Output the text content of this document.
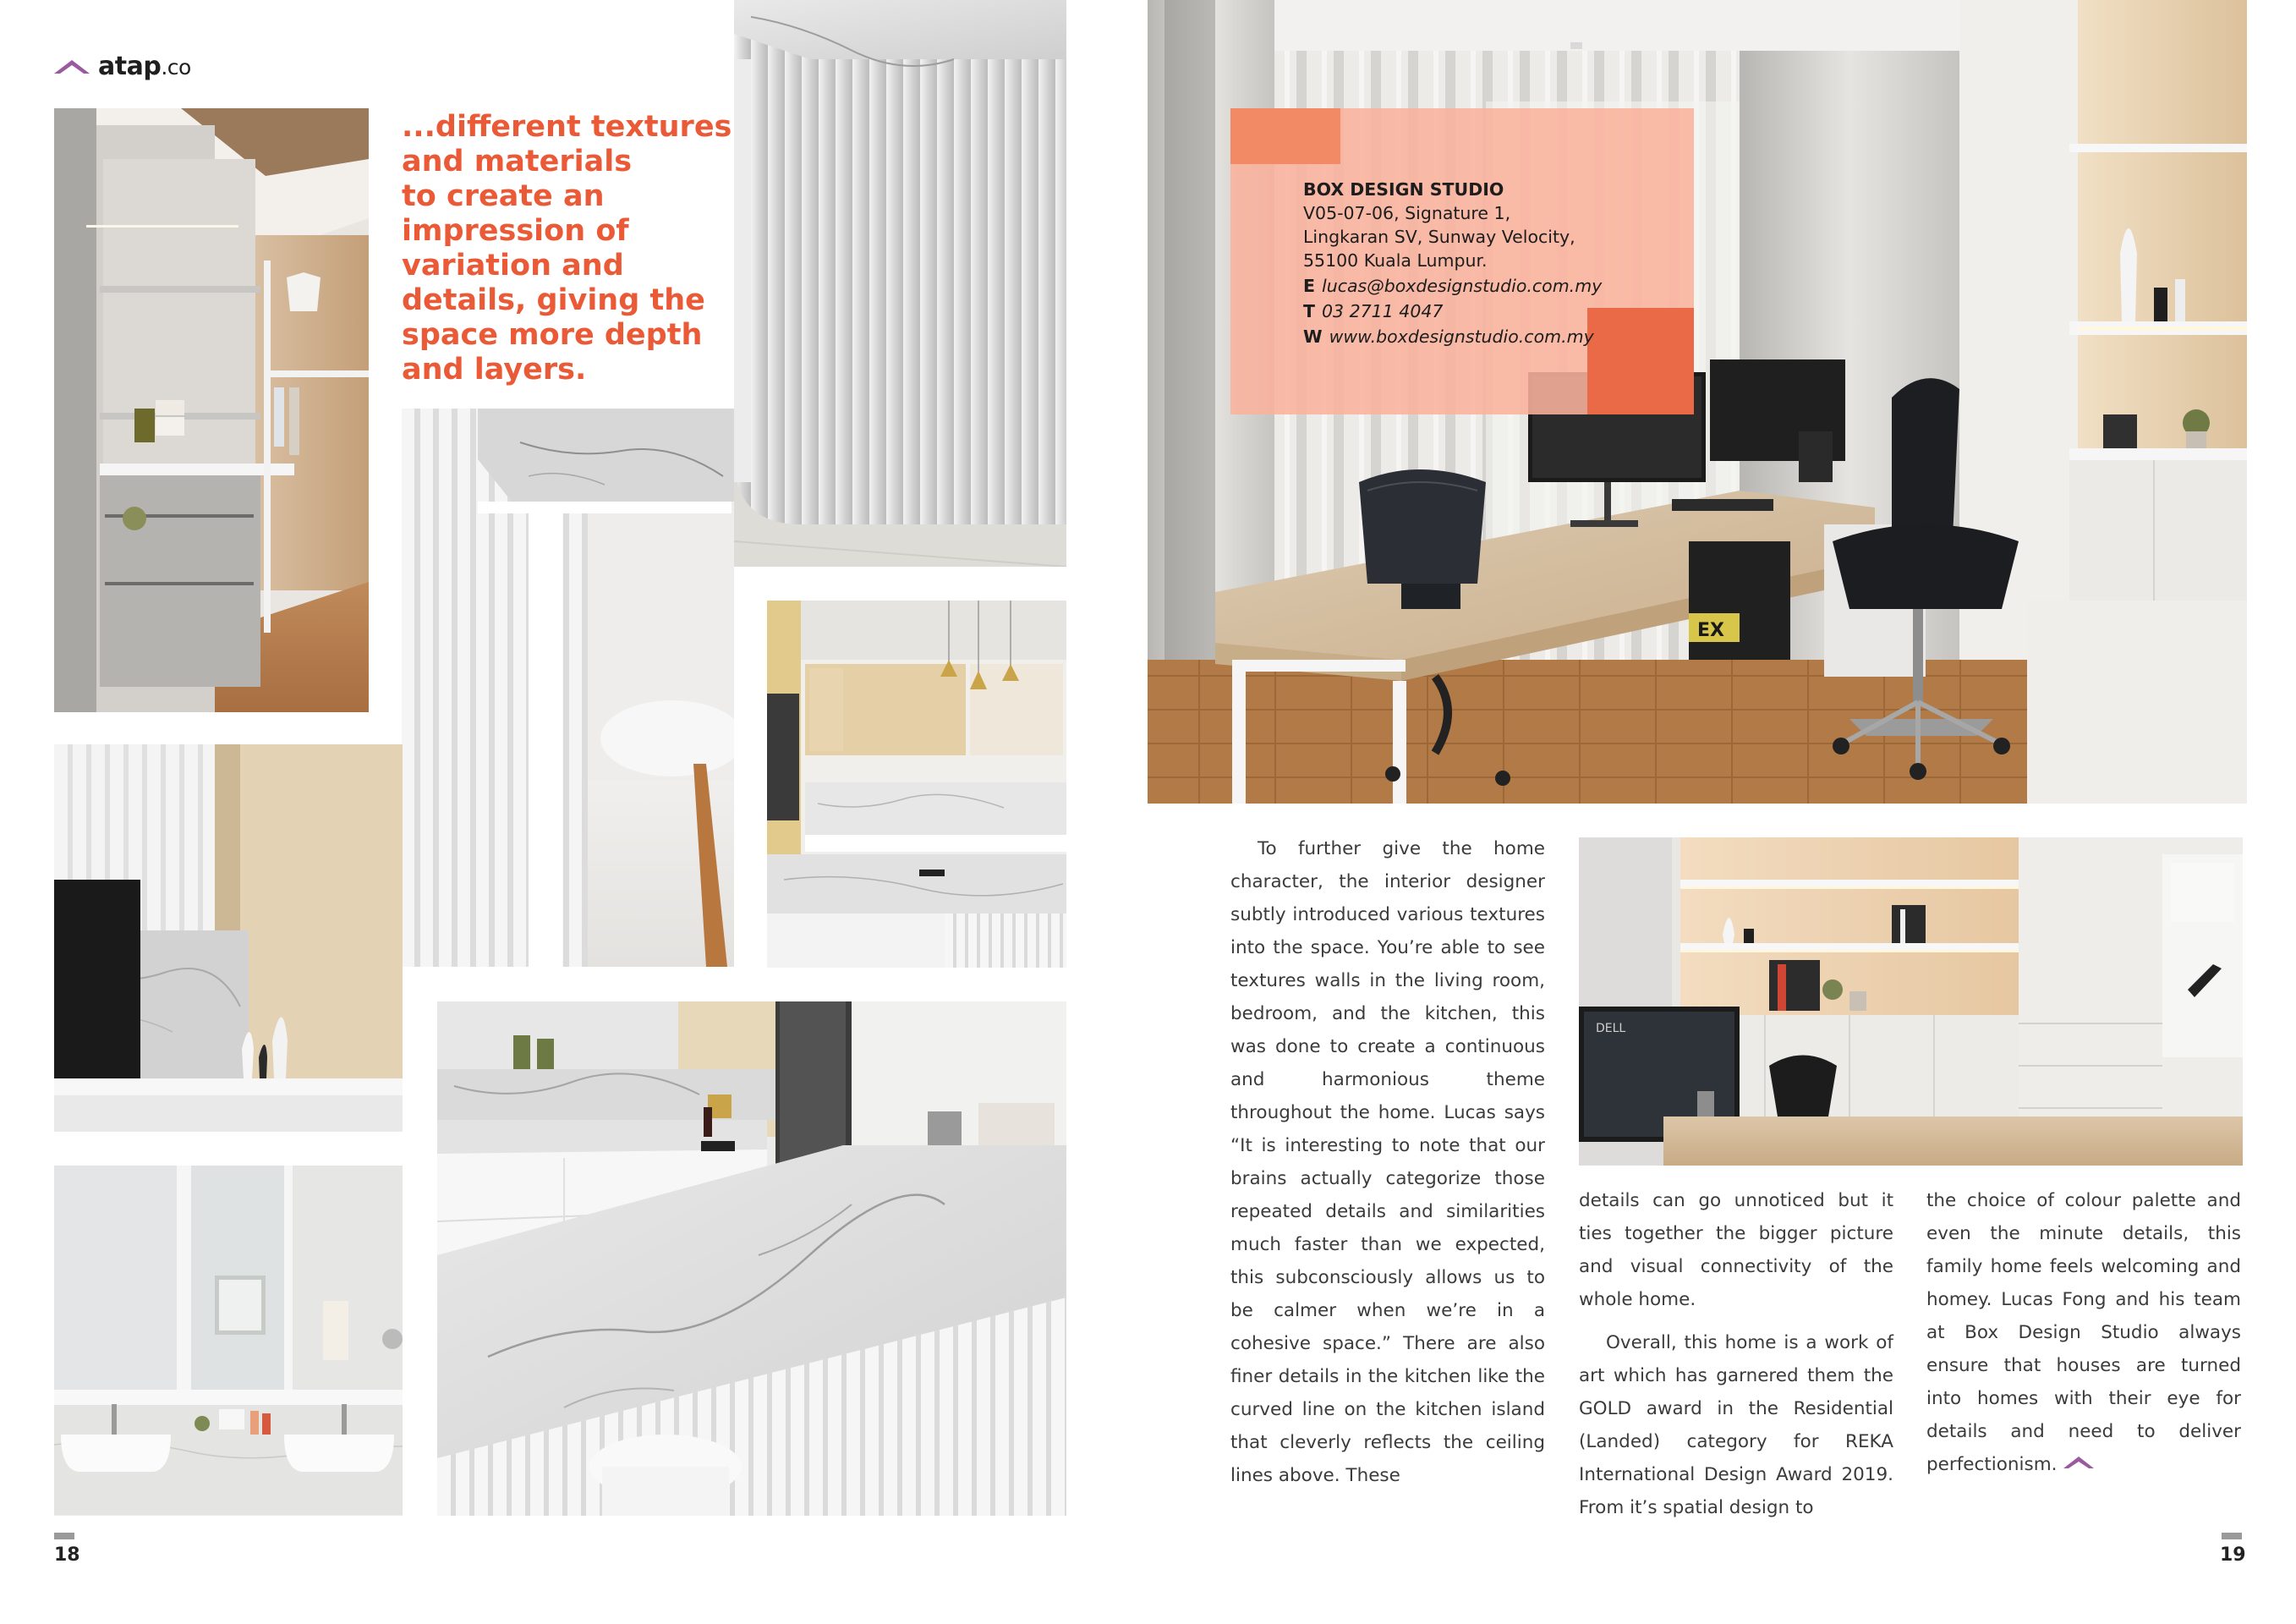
atap.co
...different textures
and materials
to create an
impression of
variation and
details, giving the
space more depth
and layers.
18
EX
BOX DESIGN STUDIO
V05-07-06, Signature 1,
Lingkaran SV, Sunway Velocity,
55100 Kuala Lumpur.
E lucas@boxdesignstudio.com.my
T 03 2711 4047
W www.boxdesignstudio.com.my

To further give the home character, the interior designer subtly introduced various textures into the space. You’re able to see textures walls in the living room, bedroom, and the kitchen, this was done to create a continuous and harmonious theme throughout the home. Lucas says “It is interesting to note that our brains actually categorize those repeated details and similarities much faster than we expected, this subconsciously allows us to be calmer when we’re in a cohesive space.” There are also finer details in the kitchen like the curved line on the kitchen island that cleverly reflects the ceiling lines above. These

DELL

details can go unnoticed but it ties together the bigger picture and visual connectivity of the whole home.

Overall, this home is a work of art which has garnered them the GOLD award in the Residential (Landed) category for REKA International Design Award 2019. From it’s spatial design to

the choice of colour palette and even the minute details, this family home feels welcoming and homey. Lucas Fong and his team at Box Design Studio always ensure that houses are turned into homes with their eye for details and need to deliver perfectionism.

19
